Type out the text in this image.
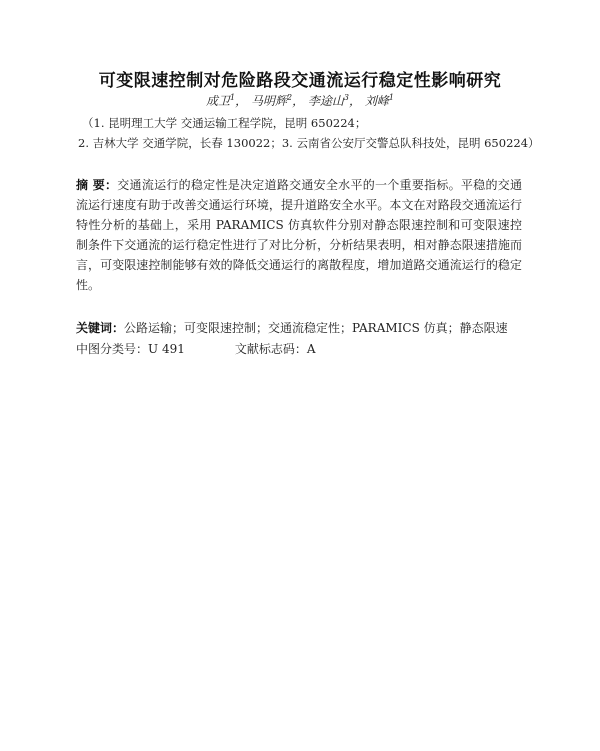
可变限速控制对危险路段交通流运行稳定性影响研究
成卫$^1$， 马明辉$^2$， 李途山$^3$， 刘峰$^1$
（1. 昆明理工大学 交通运输工程学院，昆明 650224；
2. 吉林大学 交通学院，长春 130022；3. 云南省公安厅交警总队科技处，昆明 650224）
摘 要：交通流运行的稳定性是决定道路交通安全水平的一个重要指标。平稳的交通流运行速度有助于改善交通运行环境，提升道路安全水平。本文在对路段交通流运行特性分析的基础上，采用 PARAMICS 仿真软件分别对静态限速控制和可变限速控制条件下交通流的运行稳定性进行了对比分析，分析结果表明，相对静态限速措施而言，可变限速控制能够有效的降低交通运行的离散程度，增加道路交通流运行的稳定性。
关键词：公路运输；可变限速控制；交通流稳定性；PARAMICS 仿真；静态限速
中图分类号：U 491	文献标志码：A
